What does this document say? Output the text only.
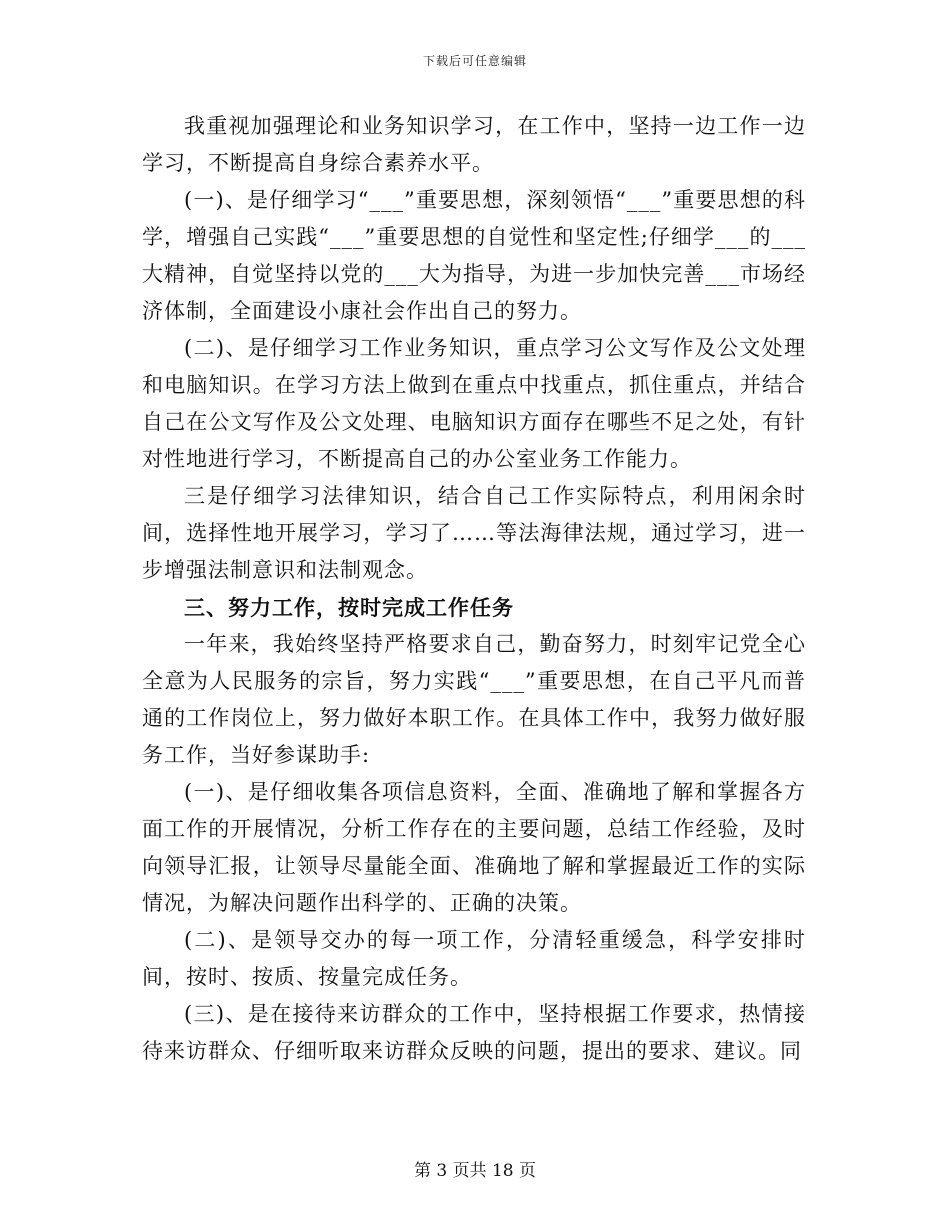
下载后可任意编辑

我重视加强理论和业务知识学习，在工作中，坚持一边工作一边学习，不断提高自身综合素养水平。

(一)、是仔细学习“___”重要思想，深刻领悟“___”重要思想的科学，增强自己实践“___”重要思想的自觉性和坚定性;仔细学___的___大精神，自觉坚持以党的___大为指导，为进一步加快完善___市场经济体制，全面建设小康社会作出自己的努力。

(二)、是仔细学习工作业务知识，重点学习公文写作及公文处理和电脑知识。在学习方法上做到在重点中找重点，抓住重点，并结合自己在公文写作及公文处理、电脑知识方面存在哪些不足之处，有针对性地进行学习，不断提高自己的办公室业务工作能力。

三是仔细学习法律知识，结合自己工作实际特点，利用闲余时间，选择性地开展学习，学习了……等法海律法规，通过学习，进一步增强法制意识和法制观念。

三、努力工作，按时完成工作任务

一年来，我始终坚持严格要求自己，勤奋努力，时刻牢记党全心全意为人民服务的宗旨，努力实践“___”重要思想，在自己平凡而普通的工作岗位上，努力做好本职工作。在具体工作中，我努力做好服务工作，当好参谋助手:

(一)、是仔细收集各项信息资料，全面、准确地了解和掌握各方面工作的开展情况，分析工作存在的主要问题，总结工作经验，及时向领导汇报，让领导尽量能全面、准确地了解和掌握最近工作的实际情况，为解决问题作出科学的、正确的决策。

(二)、是领导交办的每一项工作，分清轻重缓急，科学安排时间，按时、按质、按量完成任务。

(三)、是在接待来访群众的工作中，坚持根据工作要求，热情接待来访群众、仔细听取来访群众反映的问题，提出的要求、建议。同

第 3 页共 18 页
